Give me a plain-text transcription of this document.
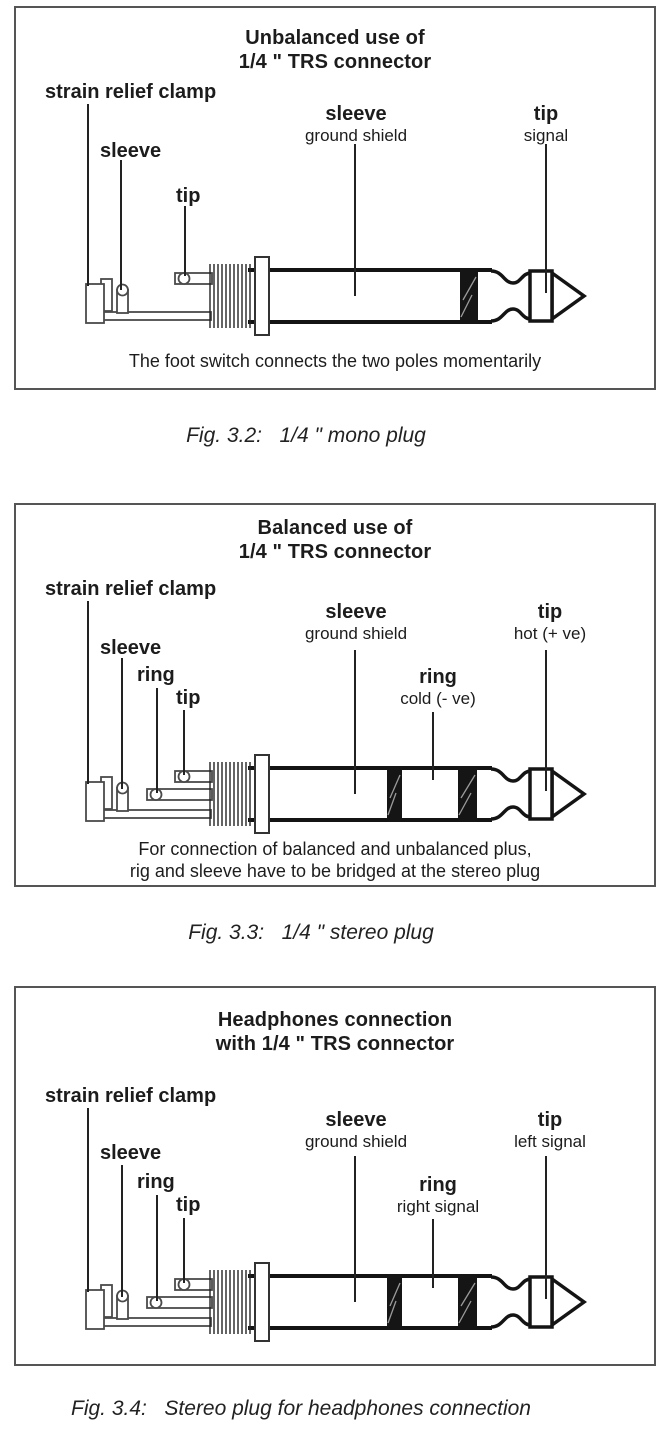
Unbalanced use of
1/4 " TRS connector
strain relief clamp
sleeve
tip
sleeve
ground shield
tip
signal
The foot switch connects the two poles momentarily
Fig. 3.2:   1/4 " mono plug
Balanced use of
1/4 " TRS connector
strain relief clamp
sleeve
ring
tip
sleeve
ground shield
ring
cold (- ve)
tip
hot (+ ve)
For connection of balanced and unbalanced plus,
rig and sleeve have to be bridged at the stereo plug
Fig. 3.3:   1/4 " stereo plug
Headphones connection
with 1/4 " TRS connector
strain relief clamp
sleeve
ring
tip
sleeve
ground shield
ring
right signal
tip
left signal
Fig. 3.4:   Stereo plug for headphones connection
